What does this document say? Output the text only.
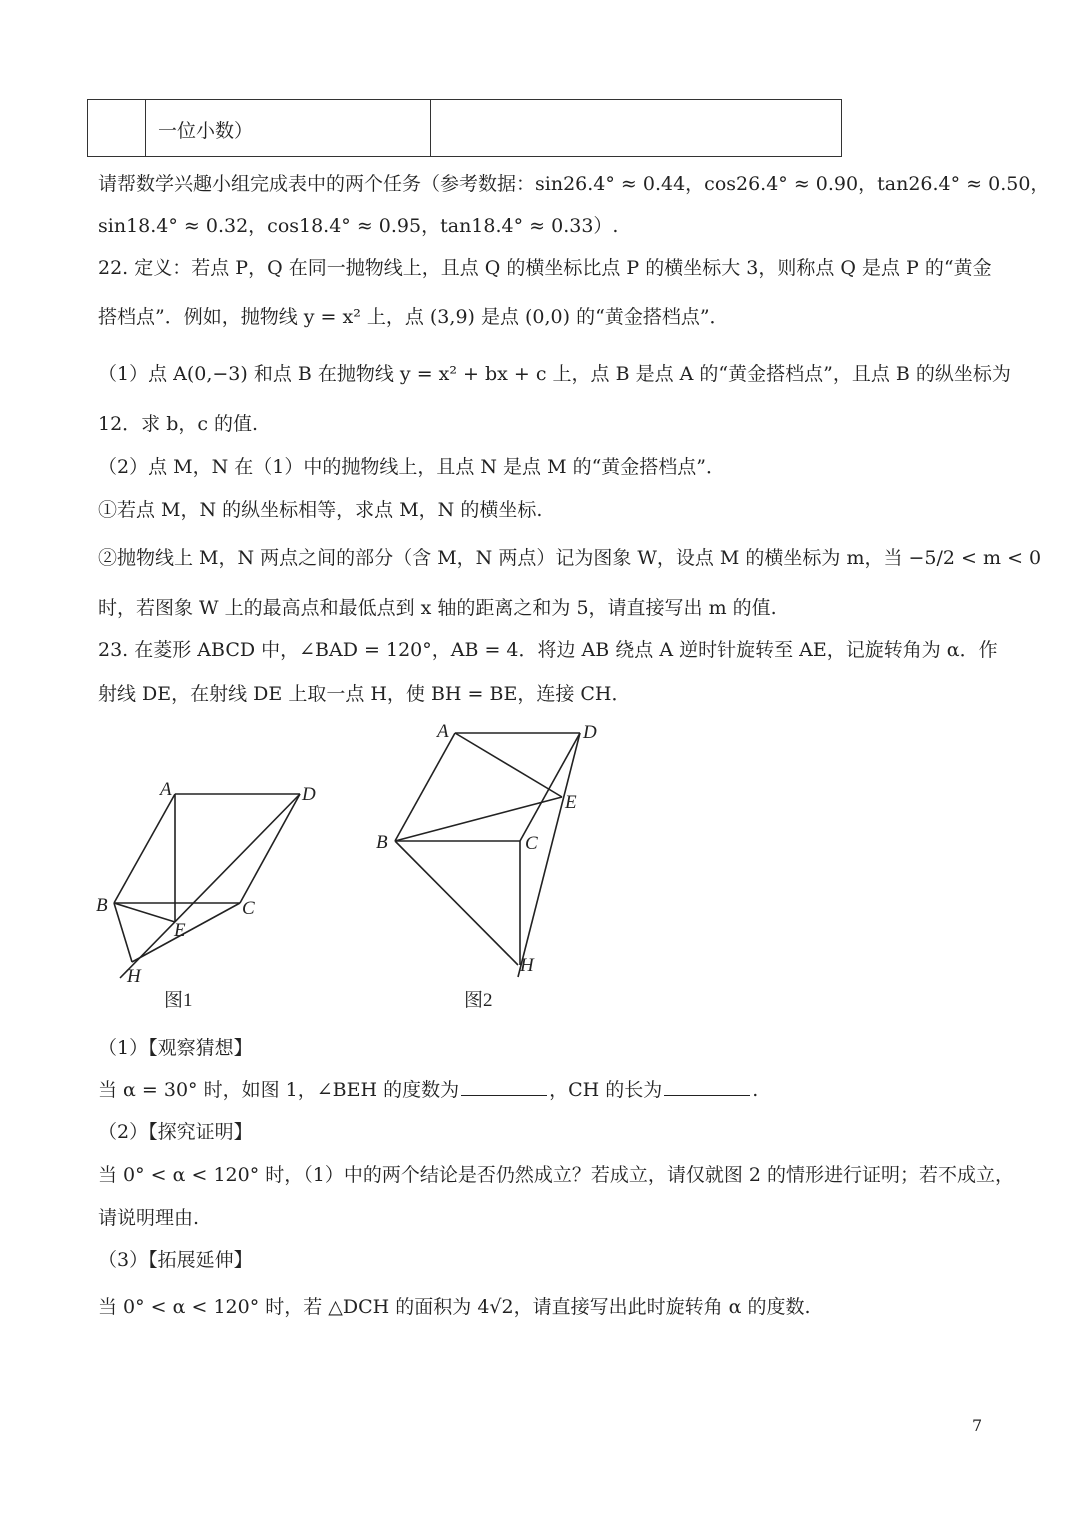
一位小数）
请帮数学兴趣小组完成表中的两个任务（参考数据：sin26.4° ≈ 0.44，cos26.4° ≈ 0.90，tan26.4° ≈ 0.50，
sin18.4° ≈ 0.32，cos18.4° ≈ 0.95，tan18.4° ≈ 0.33）.
22. 定义：若点 P，Q 在同一抛物线上，且点 Q 的横坐标比点 P 的横坐标大 3，则称点 Q 是点 P 的“黄金
搭档点”．例如，抛物线 y = x² 上，点 (3,9) 是点 (0,0) 的“黄金搭档点”．
（1）点 A(0,−3) 和点 B 在抛物线 y = x² + bx + c 上，点 B 是点 A 的“黄金搭档点”，且点 B 的纵坐标为
12．求 b，c 的值.
（2）点 M，N 在（1）中的抛物线上，且点 N 是点 M 的“黄金搭档点”．
①若点 M，N 的纵坐标相等，求点 M，N 的横坐标.
②抛物线上 M，N 两点之间的部分（含 M，N 两点）记为图象 W，设点 M 的横坐标为 m，当 −5/2 < m < 0
时，若图象 W 上的最高点和最低点到 x 轴的距离之和为 5，请直接写出 m 的值.
23. 在菱形 ABCD 中，∠BAD = 120°，AB = 4．将边 AB 绕点 A 逆时针旋转至 AE，记旋转角为 α．作
射线 DE，在射线 DE 上取一点 H，使 BH = BE，连接 CH．
A	D
B	C
E
H
图1
A	D
E
B	C
H
图2
（1）【观察猜想】
当 α = 30° 时，如图 1，∠BEH 的度数为	，CH 的长为	.
（2）【探究证明】
当 0° < α < 120° 时，（1）中的两个结论是否仍然成立？若成立，请仅就图 2 的情形进行证明；若不成立，
请说明理由.
（3）【拓展延伸】
当 0° < α < 120° 时，若 △DCH 的面积为 4√2，请直接写出此时旋转角 α 的度数.
7
